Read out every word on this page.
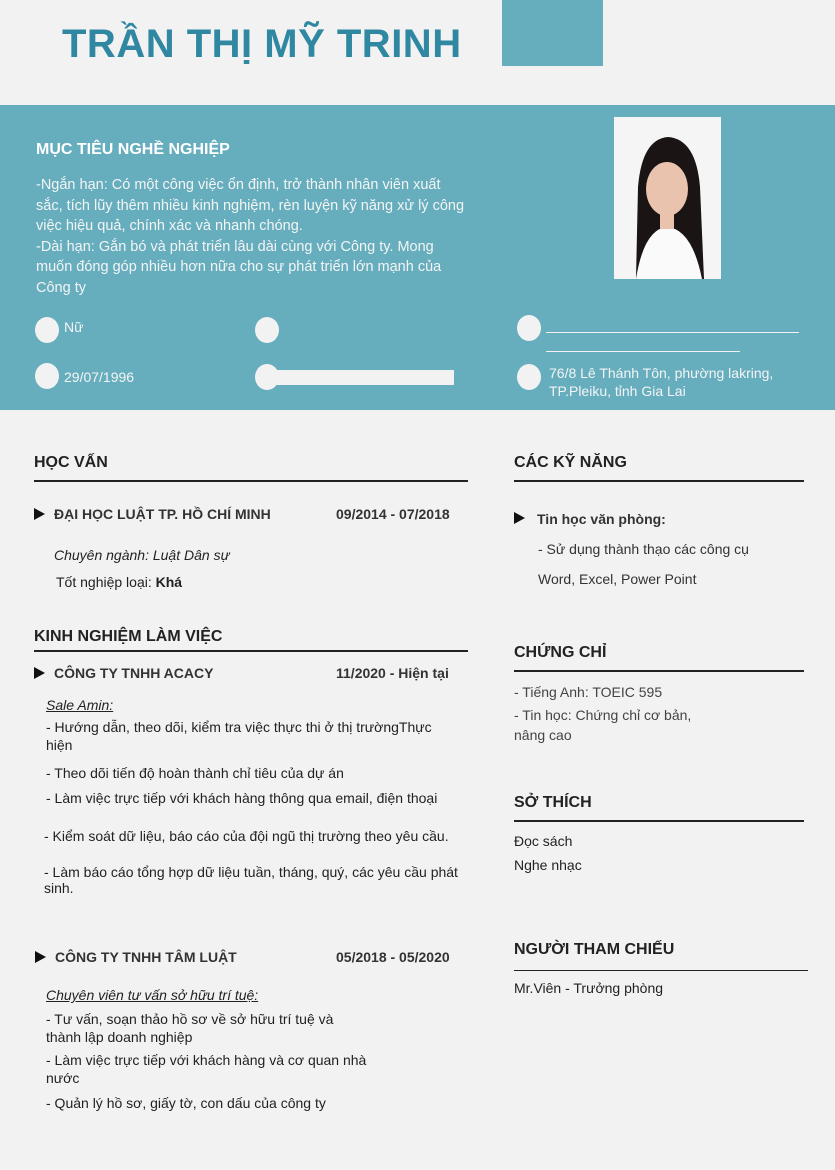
TRẦN THỊ MỸ TRINH
MỤC TIÊU NGHỀ NGHIỆP
-Ngắn hạn: Có một công việc ổn định, trở thành nhân viên xuất sắc, tích lũy thêm nhiều kinh nghiệm, rèn luyện kỹ năng xử lý công việc hiệu quả, chính xác và nhanh chóng.
-Dài hạn: Gắn bó và phát triển lâu dài cùng với Công ty. Mong muốn đóng góp nhiều hơn nữa cho sự phát triển lớn mạnh của Công ty
Nữ
29/07/1996	76/8 Lê Thánh Tôn, phường lakring, TP.Pleiku, tỉnh Gia Lai
HỌC VẤN
ĐẠI HỌC LUẬT TP. HỒ CHÍ MINH	09/2014 - 07/2018
Chuyên ngành: Luật Dân sự
Tốt nghiệp loại: Khá
KINH NGHIỆM LÀM VIỆC
CÔNG TY TNHH ACACY	11/2020 - Hiện tại
Sale Amin:
- Hướng dẫn, theo dõi, kiểm tra việc thực thi ở thị trườngThực hiện
- Theo dõi tiến độ hoàn thành chỉ tiêu của dự án
- Làm việc trực tiếp với khách hàng thông qua email, điện thoại
- Kiểm soát dữ liệu, báo cáo của đội ngũ thị trường theo yêu cầu.
- Làm báo cáo tổng hợp dữ liệu tuần, tháng, quý, các yêu cầu phát sinh.
CÔNG TY TNHH TÂM LUẬT	05/2018 - 05/2020
Chuyên viên tư vấn sở hữu trí tuệ:
- Tư vấn, soạn thảo hồ sơ về sở hữu trí tuệ và thành lập doanh nghiệp
- Làm việc trực tiếp với khách hàng và cơ quan nhà nước
- Quản lý hồ sơ, giấy tờ, con dấu của công ty
CÁC KỸ NĂNG
Tin học văn phòng:
- Sử dụng thành thạo các công cụ
Word, Excel, Power Point
CHỨNG CHỈ
- Tiếng Anh: TOEIC 595
- Tin học: Chứng chỉ cơ bản, nâng cao
SỞ THÍCH
Đọc sách
Nghe nhạc
NGƯỜI THAM CHIẾU
Mr.Viên - Trưởng phòng
